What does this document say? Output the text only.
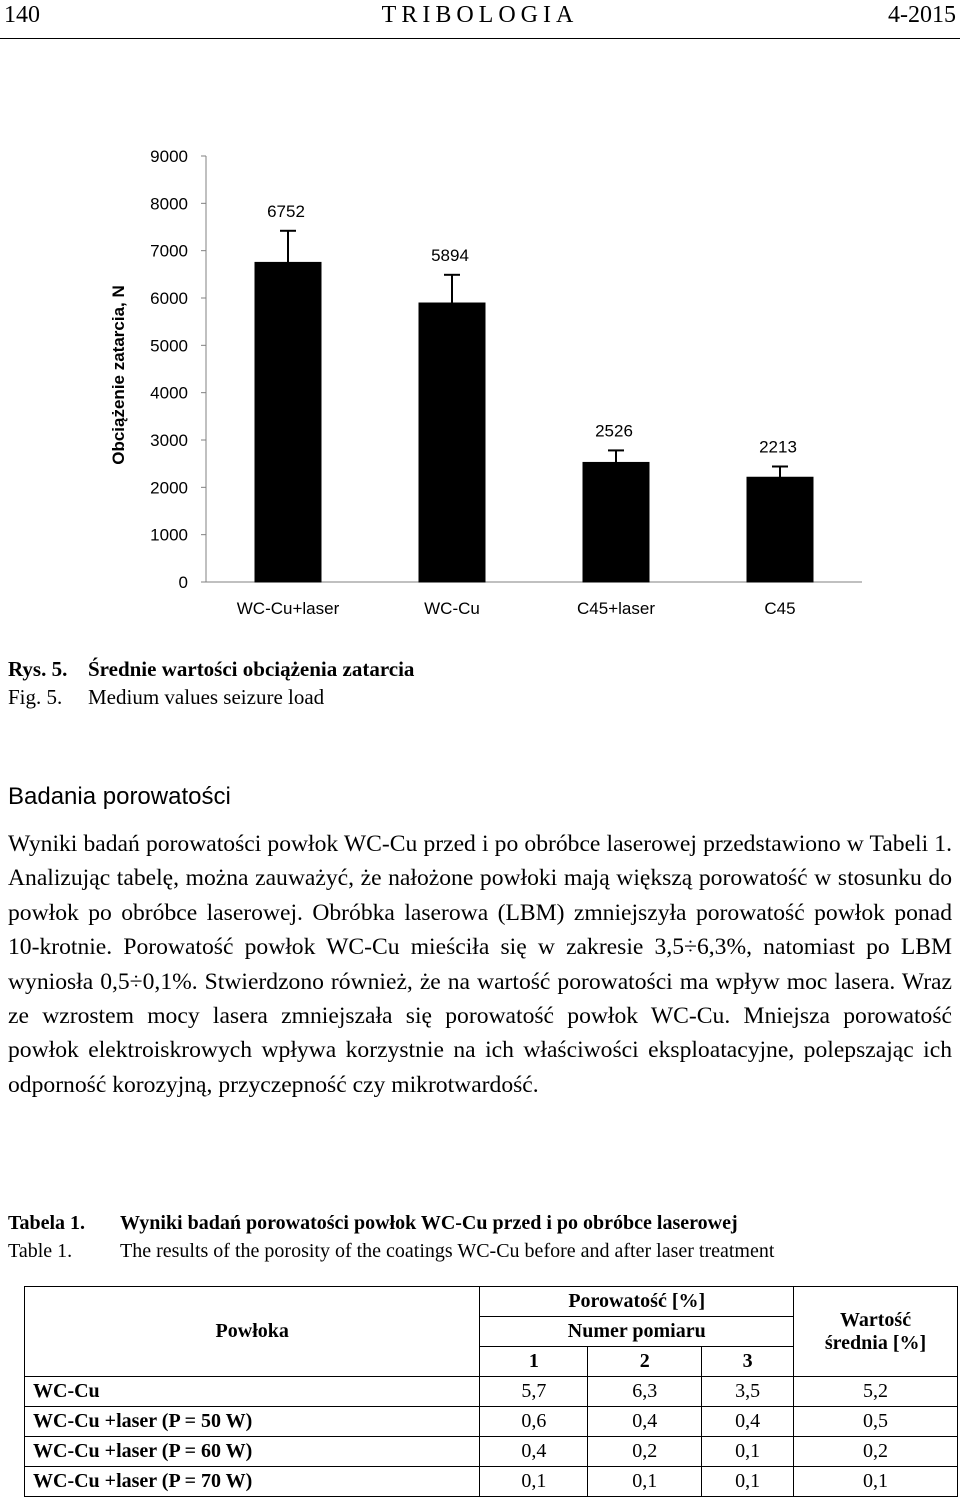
140	TRIBOLOGIA	4-2015
0
1000
2000
3000
4000
5000
6000
7000
8000
9000
Obciążenie zatarcia, N
6752
WC-Cu+laser
5894
WC-Cu
2526
C45+laser
2213
C45
Rys. 5. Średnie wartości obciążenia zatarcia
Fig. 5. Medium values seizure load
Badania porowatości

Wyniki badań porowatości powłok WC-Cu przed i po obróbce laserowej przedstawiono w Tabeli 1. Analizując tabelę, można zauważyć, że nałożone powłoki mają większą porowatość w stosunku do powłok po obróbce laserowej. Obróbka laserowa (LBM) zmniejszyła porowatość powłok ponad 10-krotnie. Porowatość powłok WC-Cu mieściła się w zakresie 3,5÷6,3%, natomiast po LBM wyniosła 0,5÷0,1%. Stwierdzono również, że na wartość porowatości ma wpływ moc lasera. Wraz ze wzrostem mocy lasera zmniejszała się porowatość powłok WC-Cu. Mniejsza porowatość powłok elektroiskrowych wpływa korzystnie na ich właściwości eksploatacyjne, polepszając ich odporność korozyjną, przyczepność czy mikrotwardość.

Tabela 1. Wyniki badań porowatości powłok WC-Cu przed i po obróbce laserowej
Table 1. The results of the porosity of the coatings WC-Cu before and after laser treatment
Powłoka	Porowatość [%]			Wartość
średnia [%]
	Numer pomiaru			
	1	2	3	
WC-Cu	5,7	6,3	3,5	5,2
WC-Cu +laser (P = 50 W)	0,6	0,4	0,4	0,5
WC-Cu +laser (P = 60 W)	0,4	0,2	0,1	0,2
WC-Cu +laser (P = 70 W)	0,1	0,1	0,1	0,1
